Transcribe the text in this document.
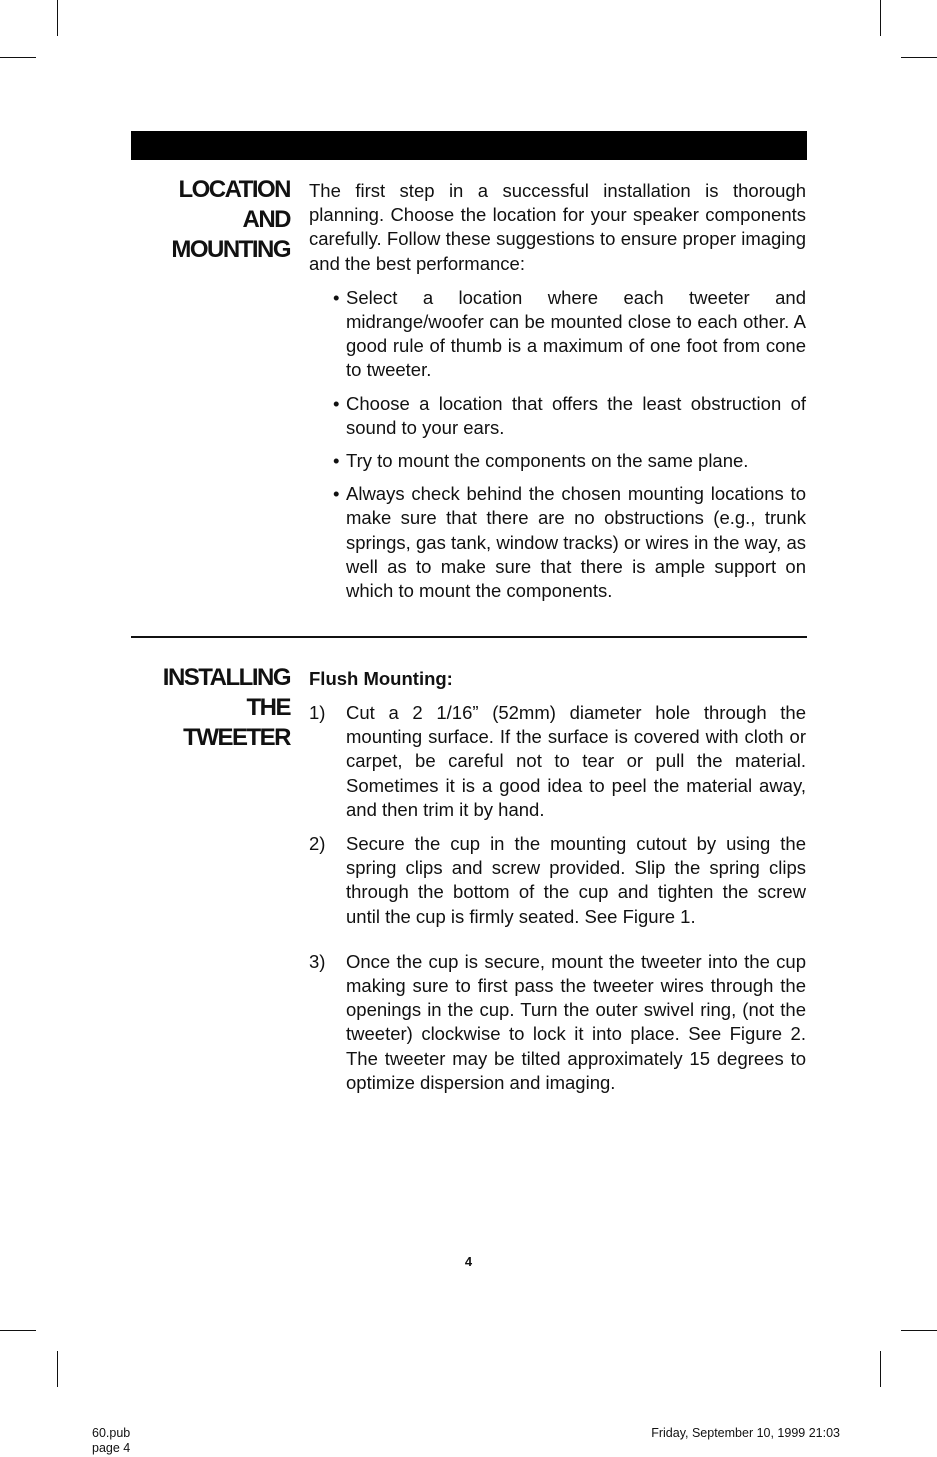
LOCATION
AND
MOUNTING

The first step in a successful installation is thorough planning. Choose the location for your speaker components carefully. Follow these suggestions to ensure proper imaging and the best performance:

• Select a location where each tweeter and midrange/woofer can be mounted close to each other. A good rule of thumb is a maximum of one foot from cone to tweeter.
• Choose a location that offers the least obstruction of sound to your ears.
• Try to mount the components on the same plane.
• Always check behind the chosen mounting locations to make sure that there are no obstructions (e.g., trunk springs, gas tank, window tracks) or wires in the way, as well as to make sure that there is ample support on which to mount the components.
INSTALLING
THE
TWEETER
Flush Mounting:
1) Cut a 2 1/16” (52mm) diameter hole through the mounting surface. If the surface is covered with cloth or carpet, be careful not to tear or pull the material. Sometimes it is a good idea to peel the material away, and then trim it by hand.
2) Secure the cup in the mounting cutout by using the spring clips and screw provided. Slip the spring clips through the bottom of the cup and tighten the screw until the cup is firmly seated. See Figure 1.
3) Once the cup is secure, mount the tweeter into the cup making sure to first pass the tweeter wires through the openings in the cup. Turn the outer swivel ring, (not the tweeter) clockwise to lock it into place. See Figure 2. The tweeter may be tilted approximately 15 degrees to optimize dispersion and imaging.
4
60.pub
page 4
Friday, September 10, 1999 21:03
